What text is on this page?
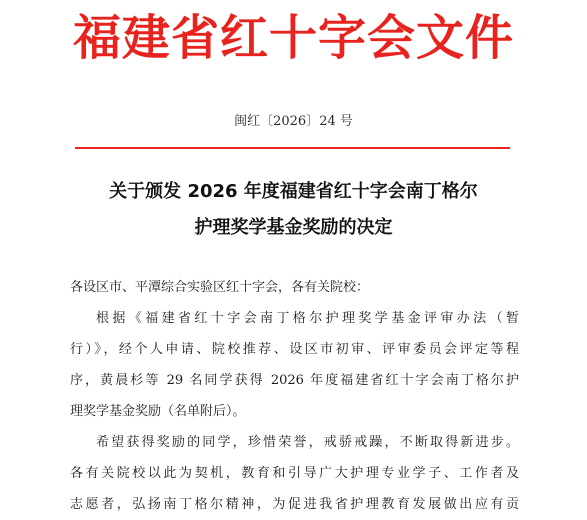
福建省红十字会文件
闽红〔2026〕24 号
关于颁发 2026 年度福建省红十字会南丁格尔
护理奖学基金奖励的决定

各设区市、平潭综合实验区红十字会，各有关院校：

根据《福建省红十字会南丁格尔护理奖学基金评审办法（暂
行）》，经个人申请、院校推荐、设区市初审、评审委员会评定等程
序，黄晨杉等 29 名同学获得 2026 年度福建省红十字会南丁格尔护
理奖学基金奖励（名单附后）。

希望获得奖励的同学，珍惜荣誉，戒骄戒躁，不断取得新进步。
各有关院校以此为契机，教育和引导广大护理专业学子、工作者及
志愿者，弘扬南丁格尔精神，为促进我省护理教育发展做出应有贡
